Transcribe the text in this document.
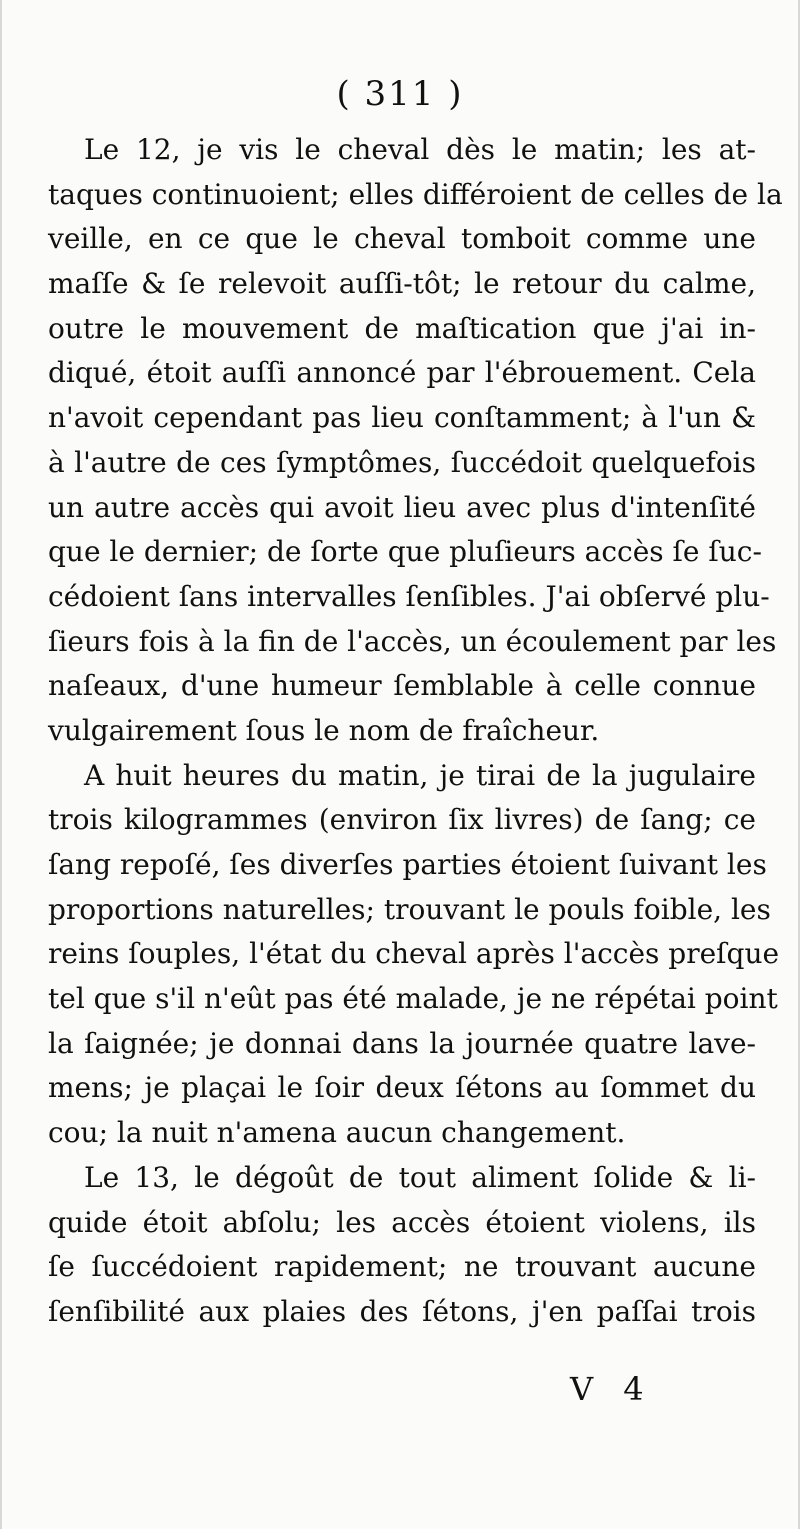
( 311 )
Le 12, je vis le cheval dès le matin; les at-
taques continuoient; elles différoient de celles de la
veille, en ce que le cheval tomboit comme une
maſſe & ſe relevoit auſſi-tôt; le retour du calme,
outre le mouvement de maſtication que j'ai in-
diqué, étoit auſſi annoncé par l'ébrouement. Cela
n'avoit cependant pas lieu conſtamment; à l'un &
à l'autre de ces ſymptômes, ſuccédoit quelquefois
un autre accès qui avoit lieu avec plus d'intenſité
que le dernier; de ſorte que pluſieurs accès ſe ſuc-
cédoient ſans intervalles ſenſibles. J'ai obſervé plu-
ſieurs fois à la fin de l'accès, un écoulement par les
naſeaux, d'une humeur ſemblable à celle connue
vulgairement ſous le nom de fraîcheur.
A huit heures du matin, je tirai de la jugulaire
trois kilogrammes (environ ſix livres) de ſang; ce
ſang repoſé, ſes diverſes parties étoient ſuivant les
proportions naturelles; trouvant le pouls foible, les
reins ſouples, l'état du cheval après l'accès preſque
tel que s'il n'eût pas été malade, je ne répétai point
la ſaignée; je donnai dans la journée quatre lave-
mens; je plaçai le ſoir deux ſétons au ſommet du
cou; la nuit n'amena aucun changement.
Le 13, le dégoût de tout aliment ſolide & li-
quide étoit abſolu; les accès étoient violens, ils
ſe ſuccédoient rapidement; ne trouvant aucune
ſenſibilité aux plaies des ſétons, j'en paſſai trois
V 4
